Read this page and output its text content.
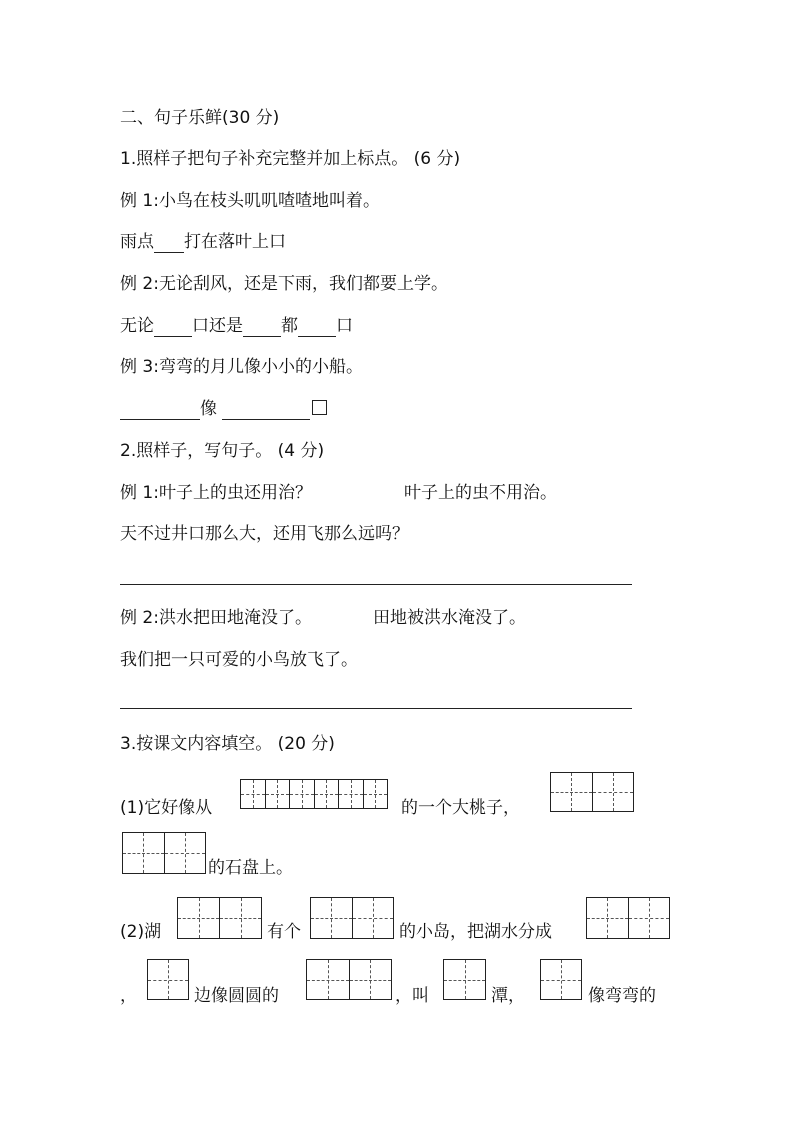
二、句子乐鲜(30 分)
1.照样子把句子补充完整并加上标点。 (6 分)
例 1:小鸟在枝头叽叽喳喳地叫着。
雨点 打在落叶上口
例 2:无论刮风，还是下雨，我们都要上学。
无论 口还是 都 口
例 3:弯弯的月儿像小小的小船。
像
2.照样子，写句子。 (4 分)
例 1:叶子上的虫还用治？	叶子上的虫不用治。
天不过井口那么大，还用飞那么远吗？
例 2:洪水把田地淹没了。	田地被洪水淹没了。
我们把一只可爱的小鸟放飞了。
3.按课文内容填空。 (20 分)
(1)它好像从	的一个大桃子，
的石盘上。
(2)湖	有个	的小岛，把湖水分成
，	边像圆圆的	，叫	潭，	像弯弯的
